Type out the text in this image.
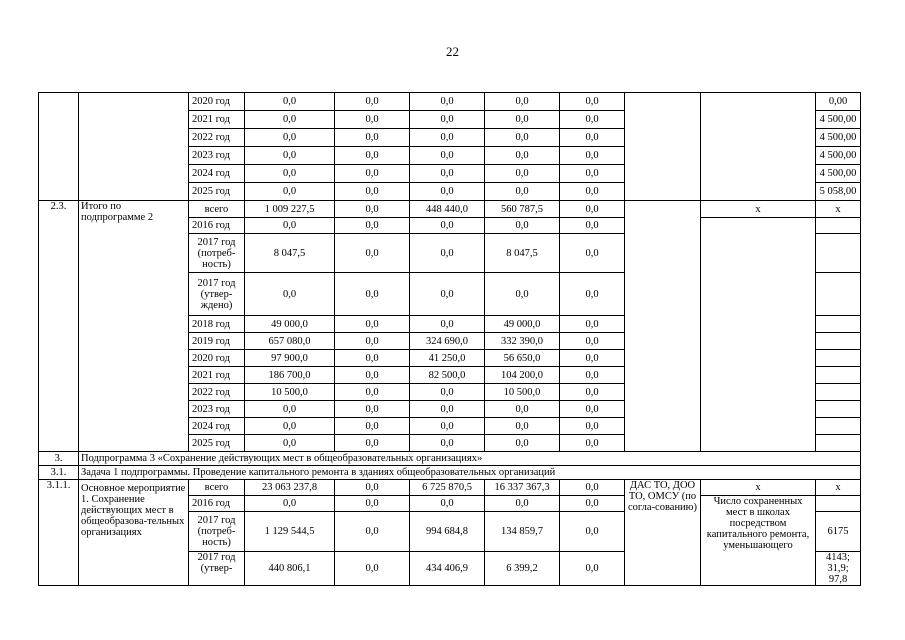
22
		2020 год	0,0	0,0	0,0	0,0	0,0			0,00
		2021 год	0,0	0,0	0,0	0,0	0,0			4 500,00
		2022 год	0,0	0,0	0,0	0,0	0,0			4 500,00
		2023 год	0,0	0,0	0,0	0,0	0,0			4 500,00
		2024 год	0,0	0,0	0,0	0,0	0,0			4 500,00
		2025 год	0,0	0,0	0,0	0,0	0,0			5 058,00
2.3.	Итого по подпрограмме 2	всего	1 009 227,5	0,0	448 440,0	560 787,5	0,0		х	х
		2016 год	0,0	0,0	0,0	0,0	0,0			
		2017 год (потреб-ность)	8 047,5	0,0	0,0	8 047,5	0,0			
		2017 год (утвер-ждено)	0,0	0,0	0,0	0,0	0,0			
		2018 год	49 000,0	0,0	0,0	49 000,0	0,0			
		2019 год	657 080,0	0,0	324 690,0	332 390,0	0,0			
		2020 год	97 900,0	0,0	41 250,0	56 650,0	0,0			
		2021 год	186 700,0	0,0	82 500,0	104 200,0	0,0			
		2022 год	10 500,0	0,0	0,0	10 500,0	0,0			
		2023 год	0,0	0,0	0,0	0,0	0,0			
		2024 год	0,0	0,0	0,0	0,0	0,0			
		2025 год	0,0	0,0	0,0	0,0	0,0			
3.	Подпрограмма 3 «Сохранение действующих мест в общеобразовательных организациях»									
3.1.	Задача 1 подпрограммы. Проведение капитального ремонта в зданиях общеобразовательных организаций									
3.1.1.	Основное мероприятие 1. Сохранение действующих мест в общеобразова-тельных организациях	всего	23 063 237,8	0,0	6 725 870,5	16 337 367,3	0,0	ДАС ТО, ДОО ТО, ОМСУ (по согла-сованию)	х	х
		2016 год	0,0	0,0	0,0	0,0	0,0		Число сохраненных мест в школах посредством капитального ремонта, уменьшающего	
		2017 год (потреб-ность)	1 129 544,5	0,0	994 684,8	134 859,7	0,0			6175
		2017 год (утвер-	440 806,1	0,0	434 406,9	6 399,2	0,0			4143; 31,9; 97,8
